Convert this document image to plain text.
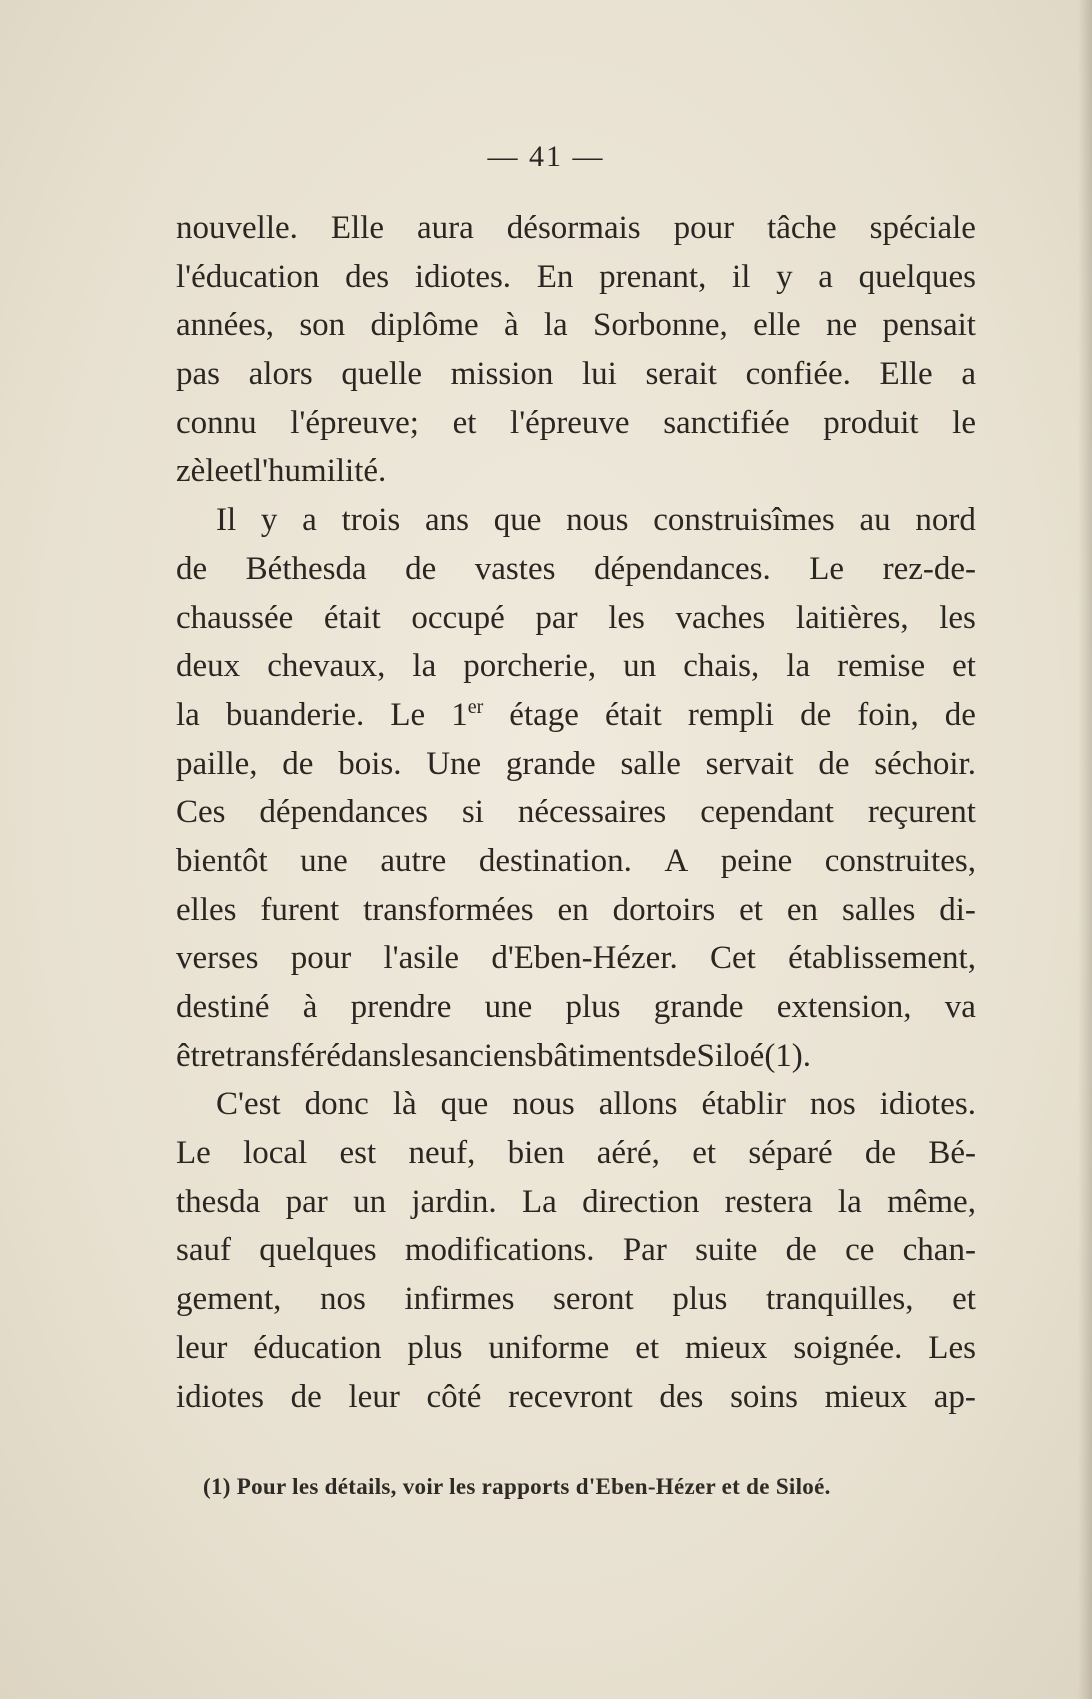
— 41 —
nouvelle. Elle aura désormais pour tâche spéciale
l'éducation des idiotes. En prenant, il y a quelques
années, son diplôme à la Sorbonne, elle ne pensait
pas alors quelle mission lui serait confiée. Elle a
connu l'épreuve; et l'épreuve sanctifiée produit le
zèle et l'humilité.
Il y a trois ans que nous construisîmes au nord
de Béthesda de vastes dépendances. Le rez-de-
chaussée était occupé par les vaches laitières, les
deux chevaux, la porcherie, un chais, la remise et
la buanderie. Le 1er étage était rempli de foin, de
paille, de bois. Une grande salle servait de séchoir.
Ces dépendances si nécessaires cependant reçurent
bientôt une autre destination. A peine construites,
elles furent transformées en dortoirs et en salles di-
verses pour l'asile d'Eben-Hézer. Cet établissement,
destiné à prendre une plus grande extension, va
être transféré dans les anciens bâtiments de Siloé (1).
C'est donc là que nous allons établir nos idiotes.
Le local est neuf, bien aéré, et séparé de Bé-
thesda par un jardin. La direction restera la même,
sauf quelques modifications. Par suite de ce chan-
gement, nos infirmes seront plus tranquilles, et
leur éducation plus uniforme et mieux soignée. Les
idiotes de leur côté recevront des soins mieux ap-
(1) Pour les détails, voir les rapports d'Eben-Hézer et de Siloé.
